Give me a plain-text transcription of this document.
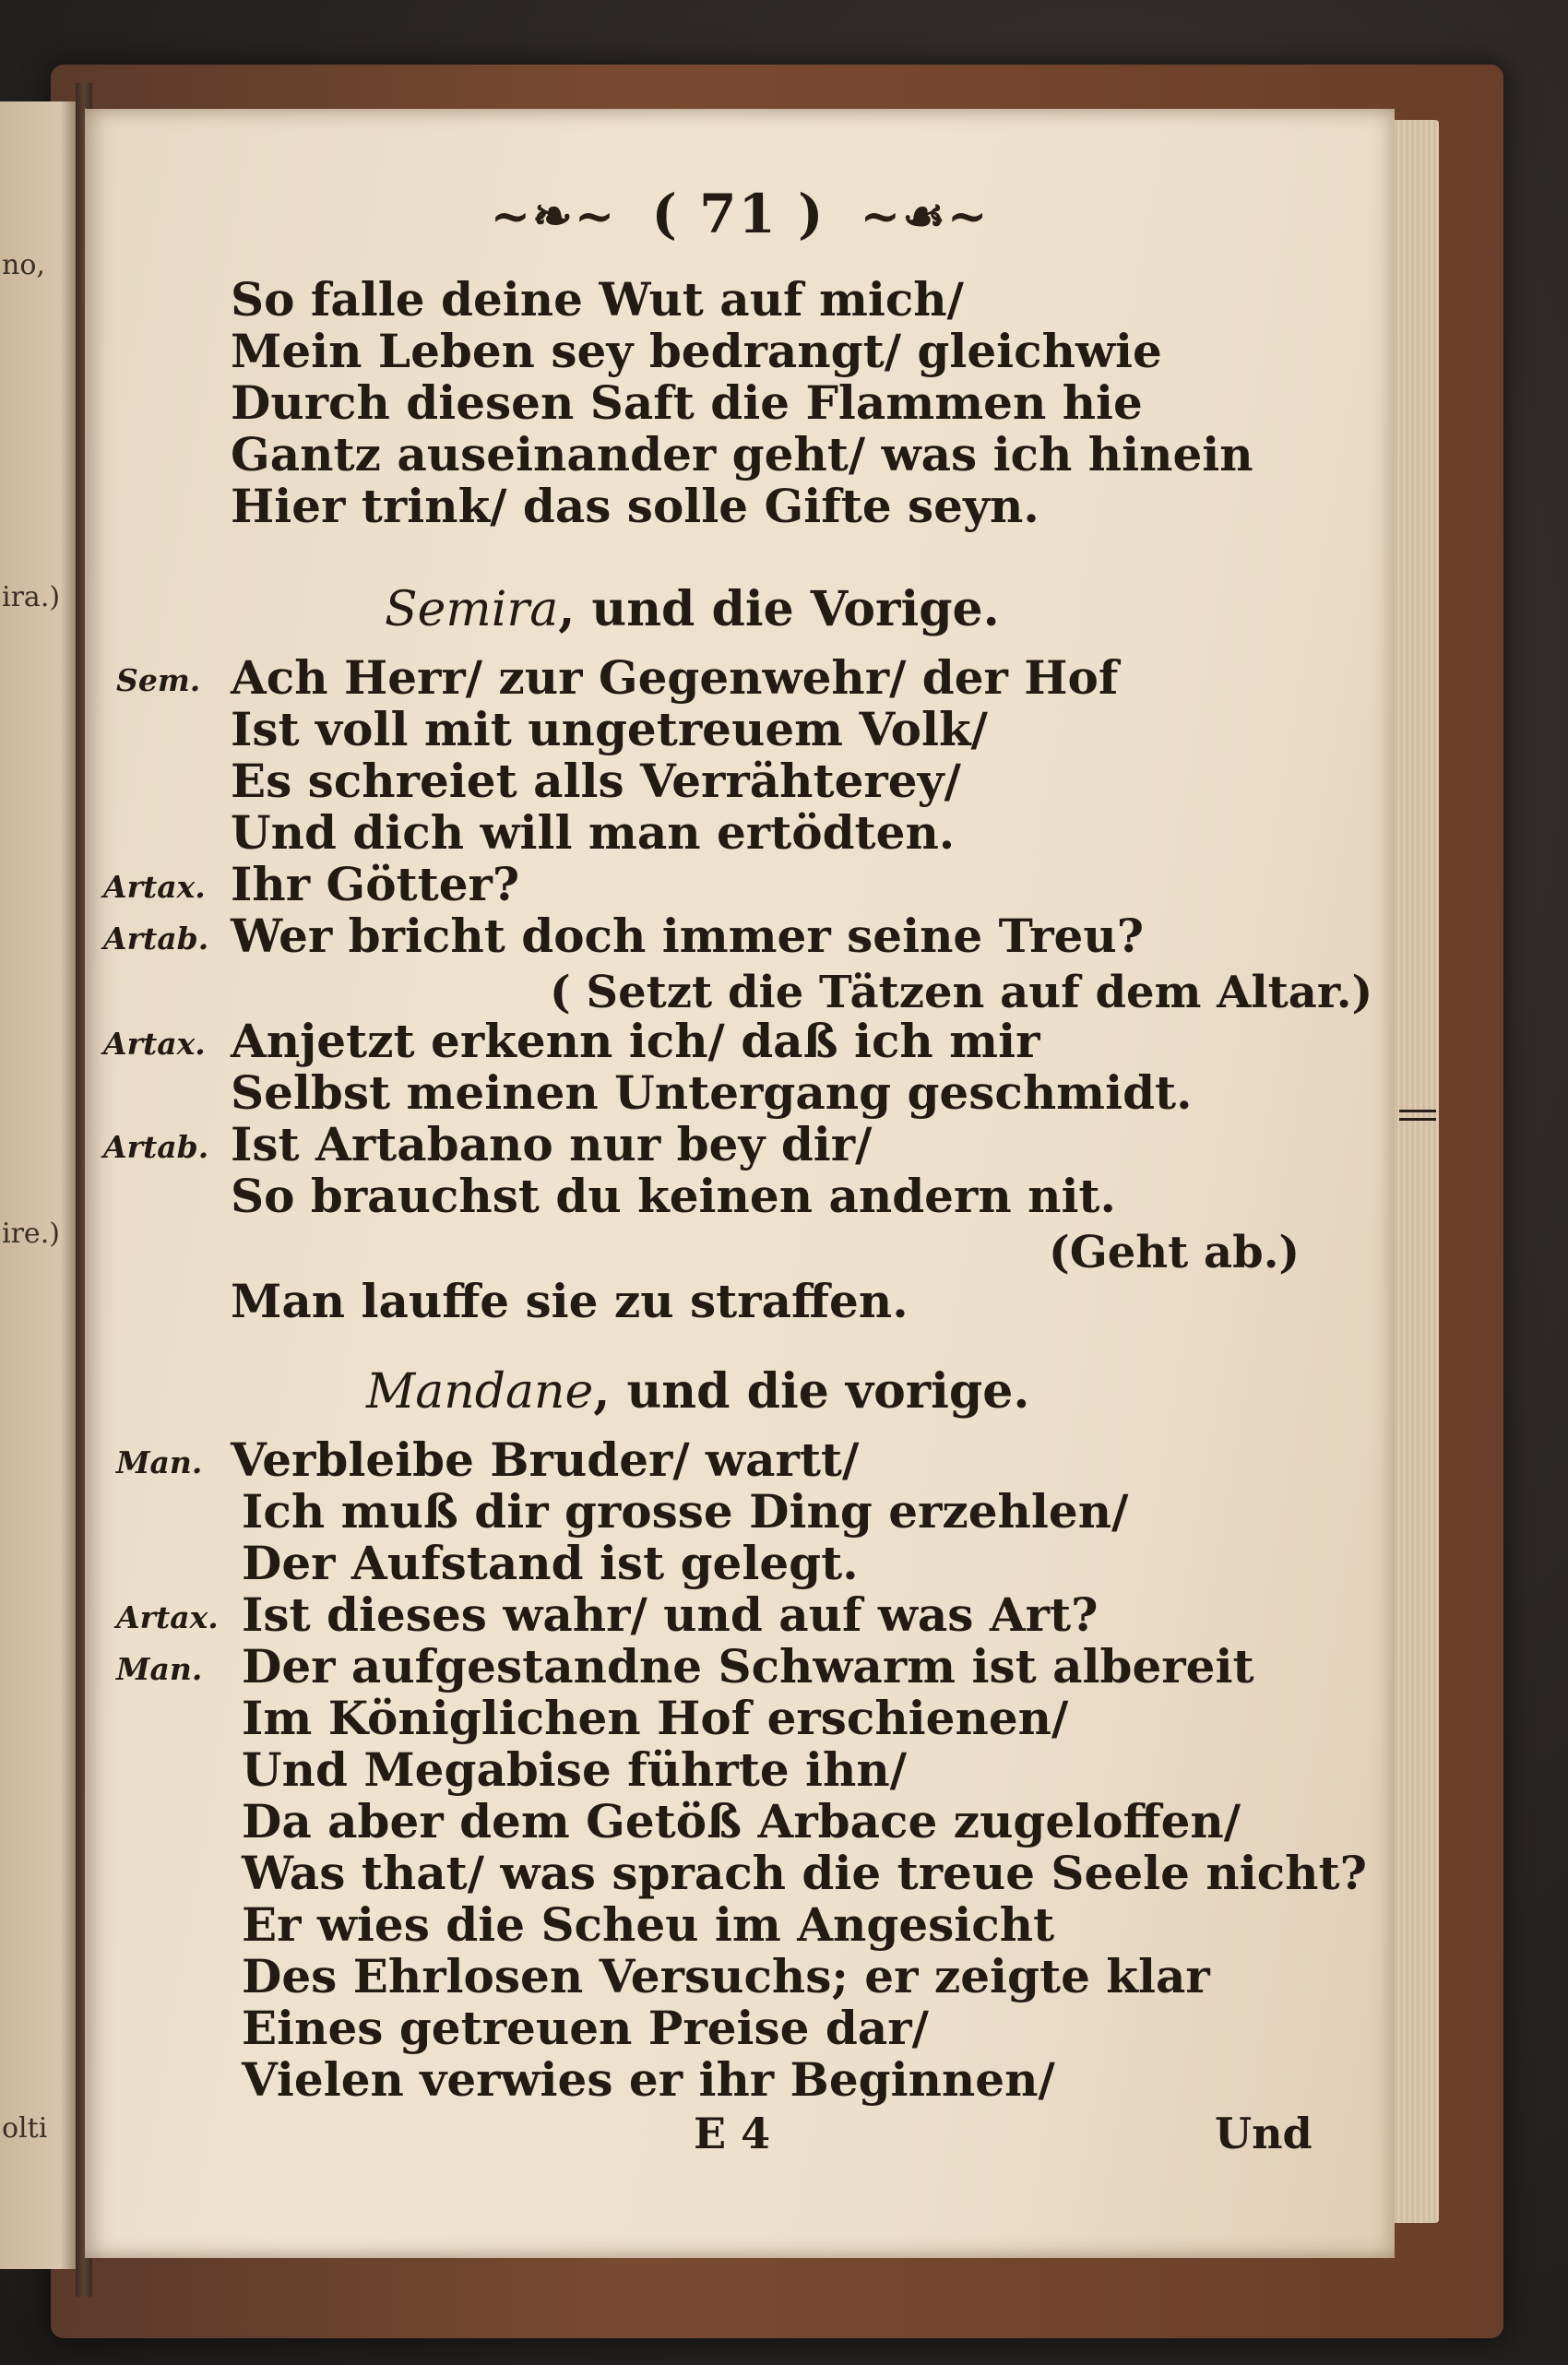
no,
ira.)
ire.)
olti
~❧~ ( 71 ) ~☙~
So falle deine Wut auf mich/
Mein Leben sey bedrangt/ gleichwie
Durch diesen Saft die Flammen hie
Gantz auseinander geht/ was ich hinein
Hier trink/ das solle Gifte seyn.
Semira, und die Vorige.
Sem. Ach Herr/ zur Gegenwehr/ der Hof
Ist voll mit ungetreuem Volk/
Es schreiet alls Verrähterey/
Und dich will man ertödten.
Artax. Ihr Götter?
Artab. Wer bricht doch immer seine Treu?
( Setzt die Tätzen auf dem Altar.)
Artax. Anjetzt erkenn ich/ daß ich mir
Selbst meinen Untergang geschmidt.
Artab. Ist Artabano nur bey dir/
So brauchst du keinen andern nit.
(Geht ab.)
Man lauffe sie zu straffen.
Mandane, und die vorige.
Man. Verbleibe Bruder/ wartt/
Ich muß dir grosse Ding erzehlen/
Der Aufstand ist gelegt.
Artax. Ist dieses wahr/ und auf was Art?
Man. Der aufgestandne Schwarm ist albereit
Im Königlichen Hof erschienen/
Und Megabise führte ihn/
Da aber dem Getöß Arbace zugeloffen/
Was that/ was sprach die treue Seele nicht?
Er wies die Scheu im Angesicht
Des Ehrlosen Versuchs; er zeigte klar
Eines getreuen Preise dar/
Vielen verwies er ihr Beginnen/
E 4	Und
